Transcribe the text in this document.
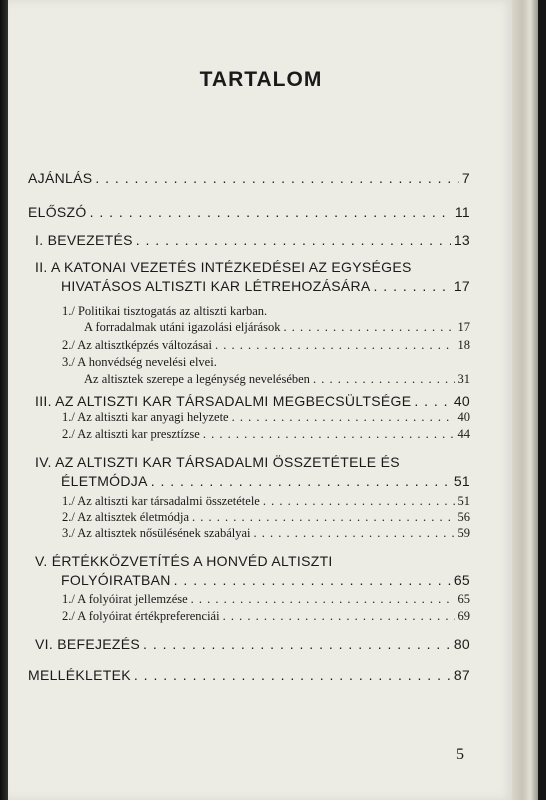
TARTALOM
AJÁNLÁS . . .	7
ELŐSZÓ . . .	11
I. BEVEZETÉS . . .	13
II. A KATONAI VEZETÉS INTÉZKEDÉSEI AZ EGYSÉGES
HIVATÁSOS ALTISZTI KAR LÉTREHOZÁSÁRA . . .	17
1./ Politikai tisztogatás az altiszti karban.
A forradalmak utáni igazolási eljárások . . .	17
2./ Az altisztképzés változásai . . .	18
3./ A honvédség nevelési elvei.
Az altisztek szerepe a legénység nevelésében . . .	31
III. AZ ALTISZTI KAR TÁRSADALMI MEGBECSÜLTSÉGE . . .	40
1./ Az altiszti kar anyagi helyzete . . .	40
2./ Az altiszti kar presztízse . . .	44
IV. AZ ALTISZTI KAR TÁRSADALMI ÖSSZETÉTELE ÉS
ÉLETMÓDJA . . .	51
1./ Az altiszti kar társadalmi összetétele . . .	51
2./ Az altisztek életmódja . . .	56
3./ Az altisztek nősülésének szabályai . . .	59
V. ÉRTÉKKÖZVETÍTÉS A HONVÉD ALTISZTI
FOLYÓIRATBAN . . .	65
1./ A folyóirat jellemzése . . .	65
2./ A folyóirat értékpreferenciái . . .	69
VI. BEFEJEZÉS . . .	80
MELLÉKLETEK . . .	87
5
